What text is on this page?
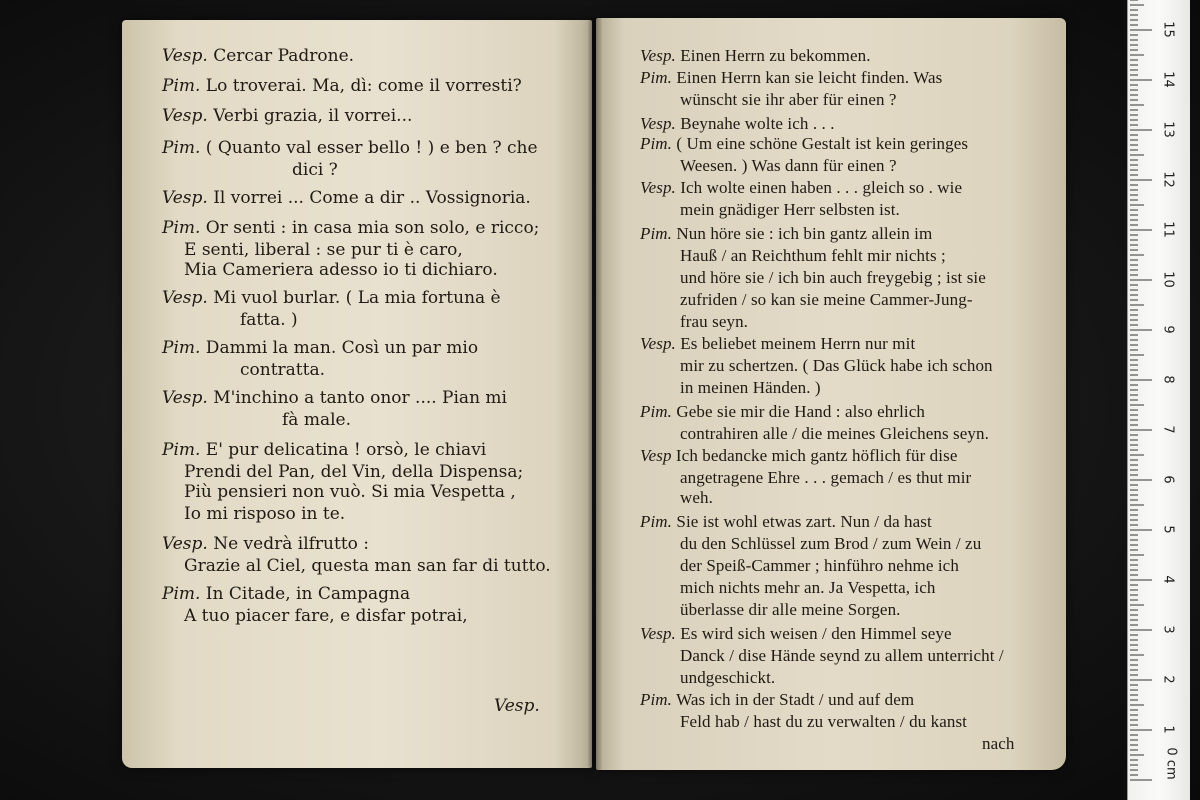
Vesp. Cercar Padrone.
Pim. Lo troverai. Ma, dì: come il vorresti?
Vesp. Verbi grazia, il vorrei...
Pim. ( Quanto val esser bello ! ) e ben ? che
dici ?
Vesp. Il vorrei ... Come a dir .. Vossignoria.
Pim. Or senti : in casa mia son solo, e ricco;
E senti, liberal : se pur ti è caro,
Mia Cameriera adesso io ti dichiaro.
Vesp. Mi vuol burlar. ( La mia fortuna è
fatta. )
Pim. Dammi la man. Così un par mio
contratta.
Vesp. M'inchino a tanto onor .... Pian mi
fà male.
Pim. E' pur delicatina ! orsò, le chiavi
Prendi del Pan, del Vin, della Dispensa;
Più pensieri non vuò. Si mia Vespetta ,
Io mi risposo in te.
Vesp. Ne vedrà ilfrutto :
Grazie al Ciel, questa man san far di tutto.
Pim. In Citade, in Campagna
A tuo piacer fare, e disfar potrai,
Vesp.
Vesp. Einen Herrn zu bekommen.
Pim. Einen Herrn kan sie leicht finden. Was
wünscht sie ihr aber für einen ?
Vesp. Beynahe wolte ich . . .
Pim. ( Um eine schöne Gestalt ist kein geringes
Weesen. ) Was dann für einen ?
Vesp. Ich wolte einen haben . . . gleich so . wie
mein gnädiger Herr selbsten ist.
Pim. Nun höre sie : ich bin gantz allein im
Hauß / an Reichthum fehlt mir nichts ;
und höre sie / ich bin auch freygebig ; ist sie
zufriden / so kan sie meine Cammer-Jung-
frau seyn.
Vesp. Es beliebet meinem Herrn nur mit
mir zu schertzen. ( Das Glück habe ich schon
in meinen Händen. )
Pim. Gebe sie mir die Hand : also ehrlich
contrahiren alle / die meines Gleichens seyn.
Vesp Ich bedancke mich gantz höflich für dise
angetragene Ehre . . . gemach / es thut mir
weh.
Pim. Sie ist wohl etwas zart. Nun / da hast
du den Schlüssel zum Brod / zum Wein / zu
der Speiß-Cammer ; hinführo nehme ich
mich nichts mehr an. Ja Vespetta, ich
überlasse dir alle meine Sorgen.
Vesp. Es wird sich weisen / den Himmel seye
Danck / dise Hände seynd zu allem unterricht /
undgeschickt.
Pim. Was ich in der Stadt / und auf dem
Feld hab / hast du zu verwalten / du kanst
nach
1
2
3
4
5
6
7
8
9
10
11
12
13
14
15
0 cm
